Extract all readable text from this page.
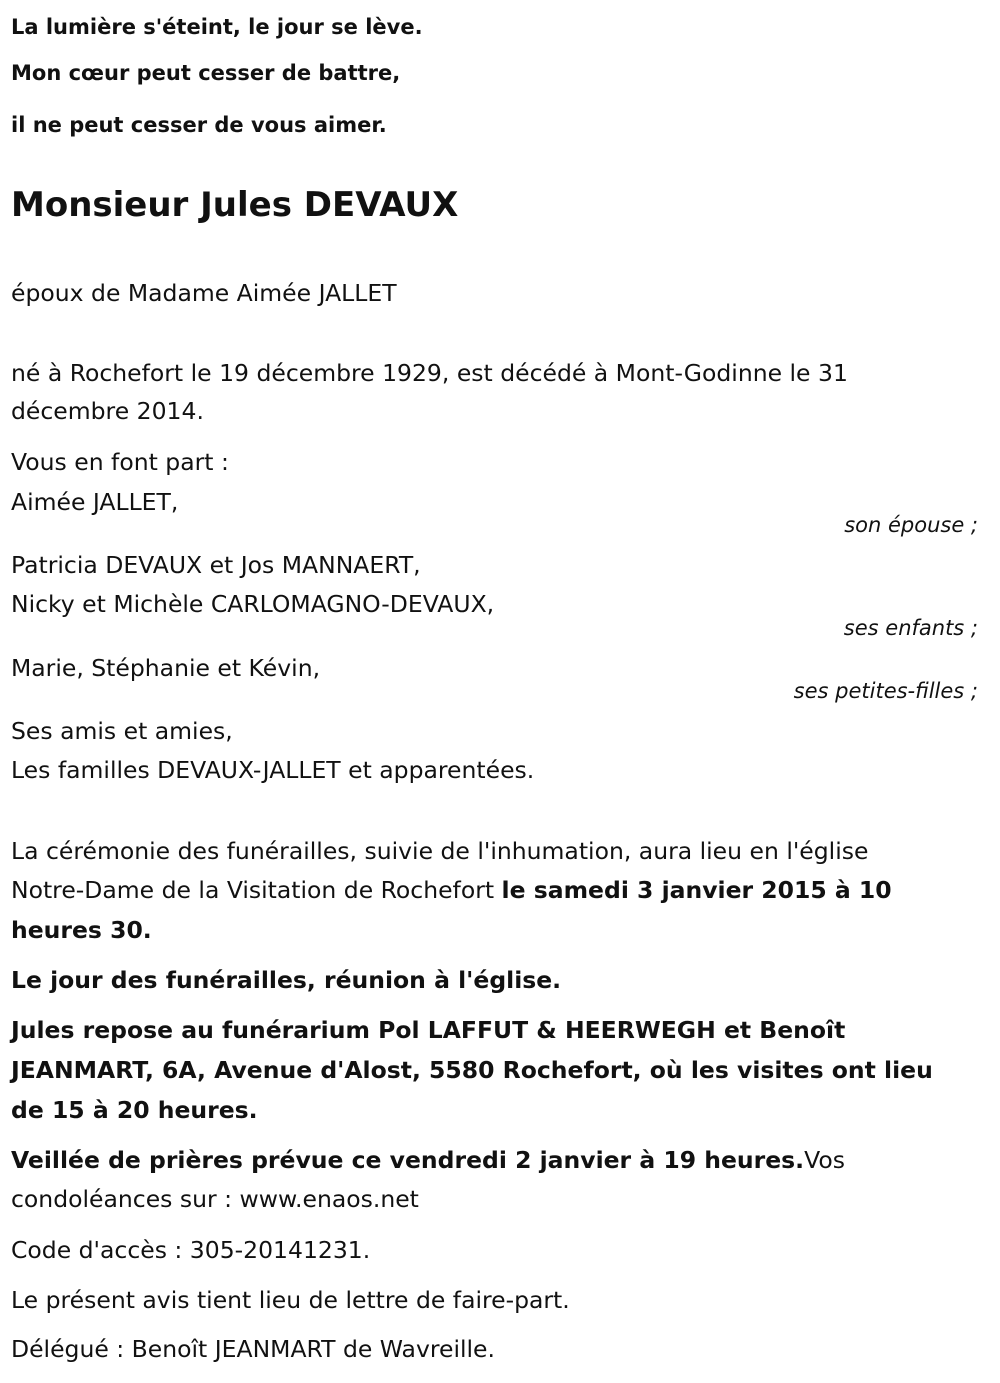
La lumière s'éteint, le jour se lève.
Mon cœur peut cesser de battre,
il ne peut cesser de vous aimer.
Monsieur Jules DEVAUX
époux de Madame Aimée JALLET
né à Rochefort le 19 décembre 1929, est décédé à Mont-Godinne le 31
décembre 2014.
Vous en font part :
Aimée JALLET,
son épouse ;
Patricia DEVAUX et Jos MANNAERT,
Nicky et Michèle CARLOMAGNO-DEVAUX,
ses enfants ;
Marie, Stéphanie et Kévin,
ses petites-filles ;
Ses amis et amies,
Les familles DEVAUX-JALLET et apparentées.
La cérémonie des funérailles, suivie de l'inhumation, aura lieu en l'église
Notre-Dame de la Visitation de Rochefort le samedi 3 janvier 2015 à 10
heures 30.
Le jour des funérailles, réunion à l'église.
Jules repose au funérarium Pol LAFFUT & HEERWEGH et Benoît
JEANMART, 6A, Avenue d'Alost, 5580 Rochefort, où les visites ont lieu
de 15 à 20 heures.
Veillée de prières prévue ce vendredi 2 janvier à 19 heures.Vos
condoléances sur : www.enaos.net
Code d'accès : 305-20141231.
Le présent avis tient lieu de lettre de faire-part.
Délégué : Benoît JEANMART de Wavreille.
